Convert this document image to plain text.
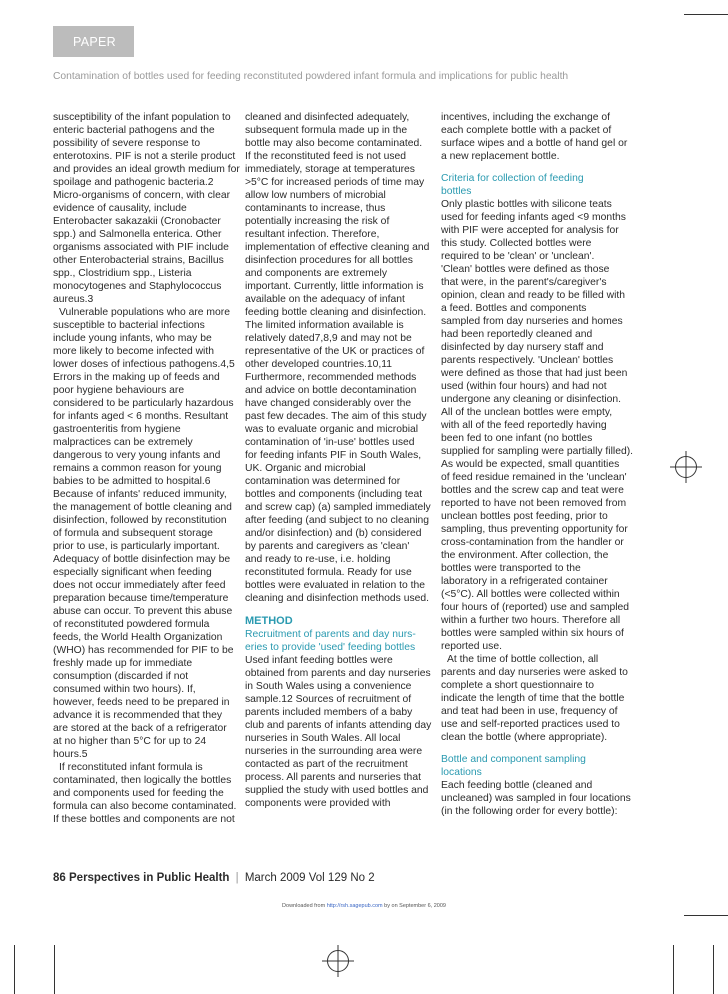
PAPER
Contamination of bottles used for feeding reconstituted powdered infant formula and implications for public health

susceptibility of the infant population to

enteric bacterial pathogens and the

possibility of severe response to

enterotoxins. PIF is not a sterile product

and provides an ideal growth medium for

spoilage and pathogenic bacteria.2

Micro-organisms of concern, with clear

evidence of causality, include

Enterobacter sakazakii (Cronobacter

spp.) and Salmonella enterica. Other

organisms associated with PIF include

other Enterobacterial strains, Bacillus

spp., Clostridium spp., Listeria

monocytogenes and Staphylococcus

aureus.3

Vulnerable populations who are more

susceptible to bacterial infections

include young infants, who may be

more likely to become infected with

lower doses of infectious pathogens.4,5

Errors in the making up of feeds and

poor hygiene behaviours are

considered to be particularly hazardous

for infants aged < 6 months. Resultant

gastroenteritis from hygiene

malpractices can be extremely

dangerous to very young infants and

remains a common reason for young

babies to be admitted to hospital.6

Because of infants' reduced immunity,

the management of bottle cleaning and

disinfection, followed by reconstitution

of formula and subsequent storage

prior to use, is particularly important.

Adequacy of bottle disinfection may be

especially significant when feeding

does not occur immediately after feed

preparation because time/temperature

abuse can occur. To prevent this abuse

of reconstituted powdered formula

feeds, the World Health Organization

(WHO) has recommended for PIF to be

freshly made up for immediate

consumption (discarded if not

consumed within two hours). If,

however, feeds need to be prepared in

advance it is recommended that they

are stored at the back of a refrigerator

at no higher than 5°C for up to 24

hours.5

If reconstituted infant formula is

contaminated, then logically the bottles

and components used for feeding the

formula can also become contaminated.

If these bottles and components are not

cleaned and disinfected adequately,

subsequent formula made up in the

bottle may also become contaminated.

If the reconstituted feed is not used

immediately, storage at temperatures

>5°C for increased periods of time may

allow low numbers of microbial

contaminants to increase, thus

potentially increasing the risk of

resultant infection. Therefore,

implementation of effective cleaning and

disinfection procedures for all bottles

and components are extremely

important. Currently, little information is

available on the adequacy of infant

feeding bottle cleaning and disinfection.

The limited information available is

relatively dated7,8,9 and may not be

representative of the UK or practices of

other developed countries.10,11

Furthermore, recommended methods

and advice on bottle decontamination

have changed considerably over the

past few decades. The aim of this study

was to evaluate organic and microbial

contamination of 'in-use' bottles used

for feeding infants PIF in South Wales,

UK. Organic and microbial

contamination was determined for

bottles and components (including teat

and screw cap) (a) sampled immediately

after feeding (and subject to no cleaning

and/or disinfection) and (b) considered

by parents and caregivers as 'clean'

and ready to re-use, i.e. holding

reconstituted formula. Ready for use

bottles were evaluated in relation to the

cleaning and disinfection methods used.

METHOD

Recruitment of parents and day nurs-

eries to provide 'used' feeding bottles

Used infant feeding bottles were

obtained from parents and day nurseries

in South Wales using a convenience

sample.12 Sources of recruitment of

parents included members of a baby

club and parents of infants attending day

nurseries in South Wales. All local

nurseries in the surrounding area were

contacted as part of the recruitment

process. All parents and nurseries that

supplied the study with used bottles and

components were provided with

incentives, including the exchange of

each complete bottle with a packet of

surface wipes and a bottle of hand gel or

a new replacement bottle.

Criteria for collection of feeding

bottles

Only plastic bottles with silicone teats

used for feeding infants aged <9 months

with PIF were accepted for analysis for

this study. Collected bottles were

required to be 'clean' or 'unclean'.

'Clean' bottles were defined as those

that were, in the parent's/caregiver's

opinion, clean and ready to be filled with

a feed. Bottles and components

sampled from day nurseries and homes

had been reportedly cleaned and

disinfected by day nursery staff and

parents respectively. 'Unclean' bottles

were defined as those that had just been

used (within four hours) and had not

undergone any cleaning or disinfection.

All of the unclean bottles were empty,

with all of the feed reportedly having

been fed to one infant (no bottles

supplied for sampling were partially filled).

As would be expected, small quantities

of feed residue remained in the 'unclean'

bottles and the screw cap and teat were

reported to have not been removed from

unclean bottles post feeding, prior to

sampling, thus preventing opportunity for

cross-contamination from the handler or

the environment. After collection, the

bottles were transported to the

laboratory in a refrigerated container

(<5°C). All bottles were collected within

four hours of (reported) use and sampled

within a further two hours. Therefore all

bottles were sampled within six hours of

reported use.

At the time of bottle collection, all

parents and day nurseries were asked to

complete a short questionnaire to

indicate the length of time that the bottle

and teat had been in use, frequency of

use and self-reported practices used to

clean the bottle (where appropriate).

Bottle and component sampling

locations

Each feeding bottle (cleaned and

uncleaned) was sampled in four locations

(in the following order for every bottle):

86 Perspectives in Public Health | March 2009 Vol 129 No 2
Downloaded from http://rsh.sagepub.com by on September 6, 2009
